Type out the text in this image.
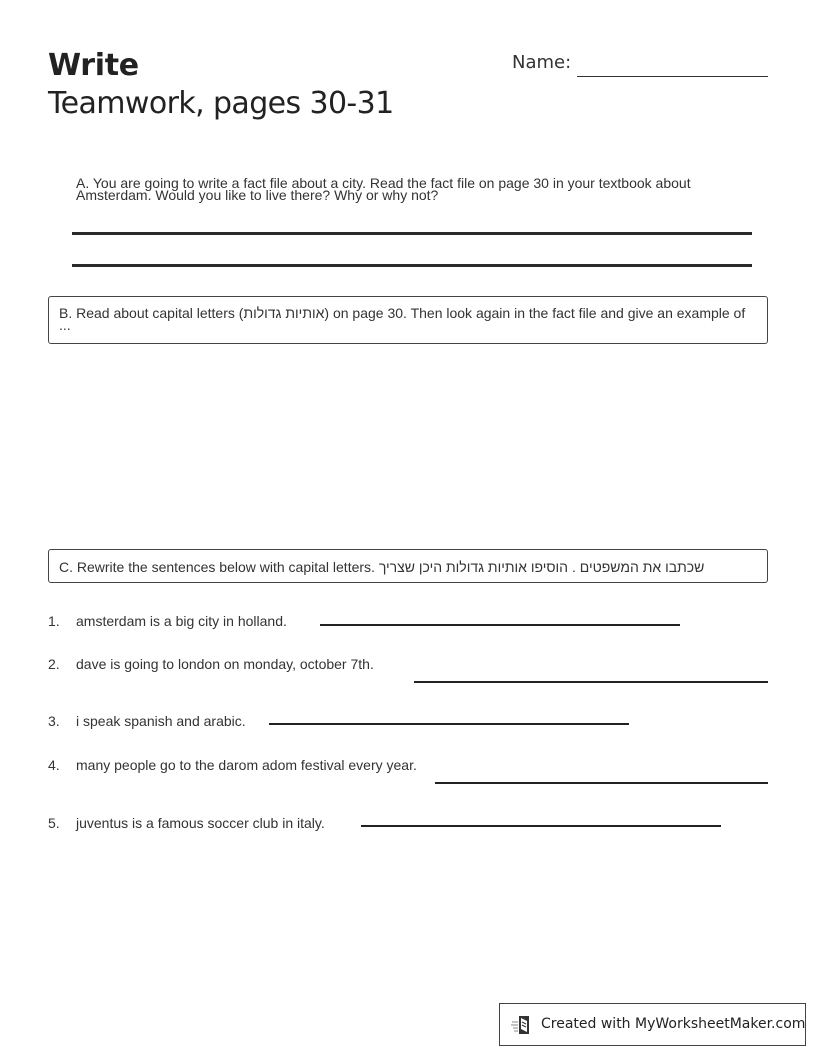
Write
Teamwork, pages 30-31
Name:
A. You are going to write a fact file about a city. Read the fact file on page 30 in your textbook about Amsterdam. Would you like to live there? Why or why not?
B. Read about capital letters (אותיות גדולות) on page 30. Then look again in the fact file and give an example of ...
C. Rewrite the sentences below with capital letters. שכתבו את המשפטים . הוסיפו אותיות גדולות היכן שצריך
1. amsterdam is a big city in holland.
2. dave is going to london on monday, october 7th.
3. i speak spanish and arabic.
4. many people go to the darom adom festival every year.
5. juventus is a famous soccer club in italy.
Created with MyWorksheetMaker.com
